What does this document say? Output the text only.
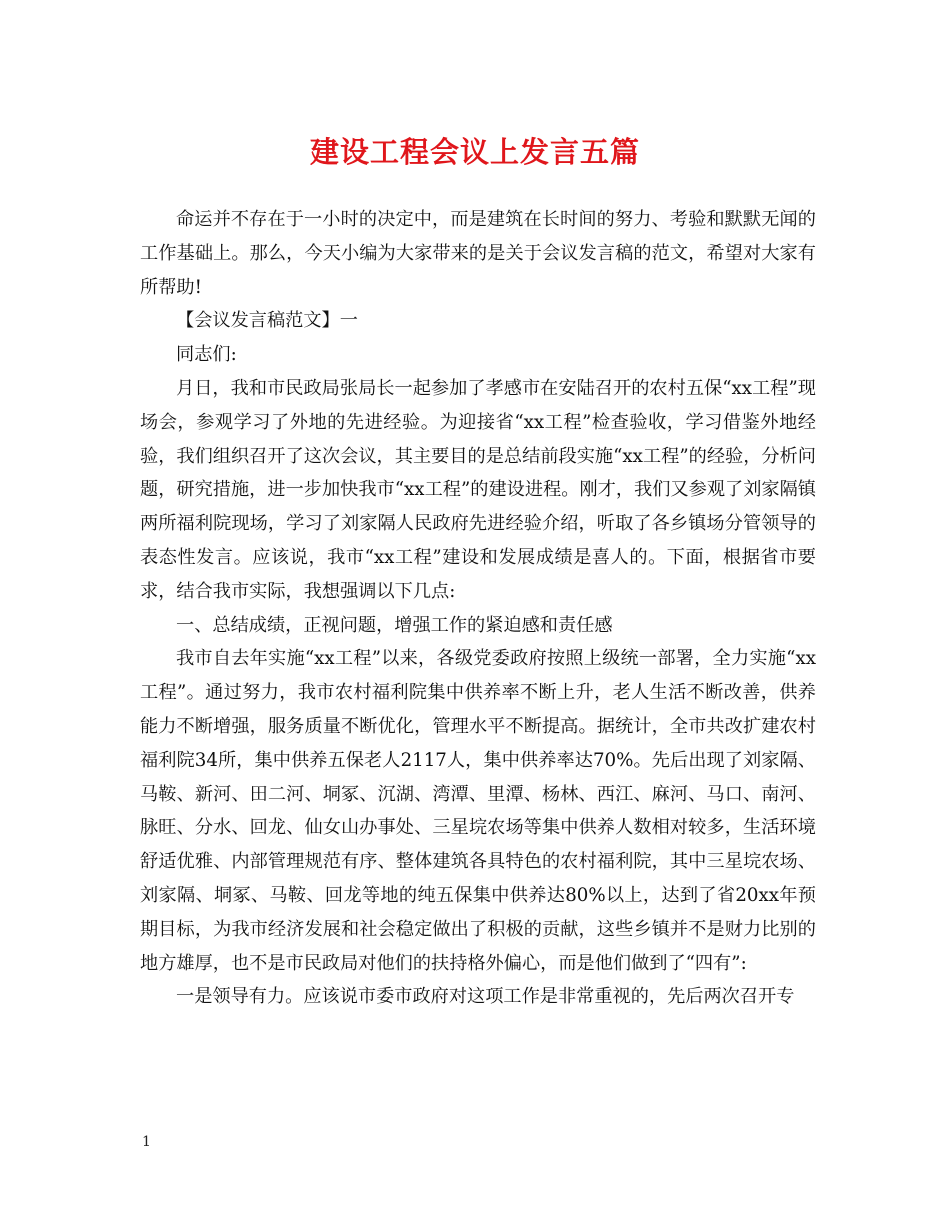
建设工程会议上发言五篇

命运并不存在于一小时的决定中，而是建筑在长时间的努力、考验和默默无闻的工作基础上。那么，今天小编为大家带来的是关于会议发言稿的范文，希望对大家有所帮助!

【会议发言稿范文】一

同志们:

月日，我和市民政局张局长一起参加了孝感市在安陆召开的农村五保“xx工程”现场会，参观学习了外地的先进经验。为迎接省“xx工程”检查验收，学习借鉴外地经验，我们组织召开了这次会议，其主要目的是总结前段实施“xx工程”的经验，分析问题，研究措施，进一步加快我市“xx工程”的建设进程。刚才，我们又参观了刘家隔镇两所福利院现场，学习了刘家隔人民政府先进经验介绍，听取了各乡镇场分管领导的表态性发言。应该说，我市“xx工程”建设和发展成绩是喜人的。下面，根据省市要求，结合我市实际，我想强调以下几点:

一、总结成绩，正视问题，增强工作的紧迫感和责任感

我市自去年实施“xx工程”以来，各级党委政府按照上级统一部署，全力实施“xx工程”。通过努力，我市农村福利院集中供养率不断上升，老人生活不断改善，供养能力不断增强，服务质量不断优化，管理水平不断提高。据统计，全市共改扩建农村福利院34所，集中供养五保老人2117人，集中供养率达70%。先后出现了刘家隔、马鞍、新河、田二河、垌冢、沉湖、湾潭、里潭、杨林、西江、麻河、马口、南河、脉旺、分水、回龙、仙女山办事处、三星垸农场等集中供养人数相对较多，生活环境舒适优雅、内部管理规范有序、整体建筑各具特色的农村福利院，其中三星垸农场、刘家隔、垌冢、马鞍、回龙等地的纯五保集中供养达80%以上，达到了省20xx年预期目标，为我市经济发展和社会稳定做出了积极的贡献，这些乡镇并不是财力比别的地方雄厚，也不是市民政局对他们的扶持格外偏心，而是他们做到了“四有”:

一是领导有力。应该说市委市政府对这项工作是非常重视的，先后两次召开专

1
